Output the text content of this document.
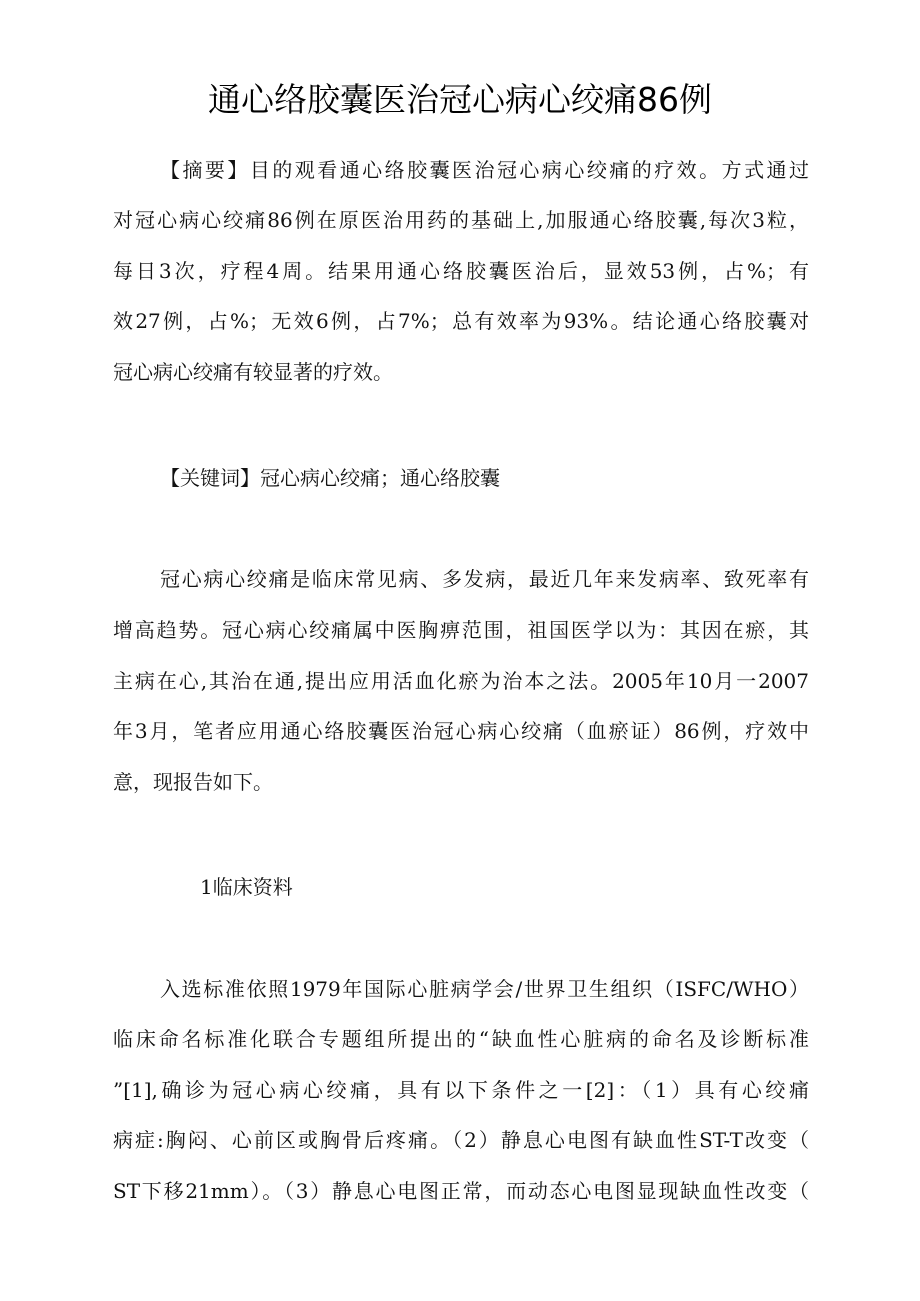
通心络胶囊医治冠心病心绞痛86例
【摘要】目的观看通心络胶囊医治冠心病心绞痛的疗效。方式通过
对冠心病心绞痛86例在原医治用药的基础上,加服通心络胶囊,每次3粒，
每日3次，疗程4周。结果用通心络胶囊医治后，显效53例，占%；有
效27例，占%；无效6例，占7%；总有效率为93%。结论通心络胶囊对
冠心病心绞痛有较显著的疗效。
【关键词】冠心病心绞痛；通心络胶囊
冠心病心绞痛是临床常见病、多发病，最近几年来发病率、致死率有
增高趋势。冠心病心绞痛属中医胸痹范围，祖国医学以为：其因在瘀，其
主病在心,其治在通,提出应用活血化瘀为治本之法。2005年10月一2007
年3月，笔者应用通心络胶囊医治冠心病心绞痛（血瘀证）86例，疗效中
意，现报告如下。
1临床资料
入选标准依照1979年国际心脏病学会/世界卫生组织（ISFC/WHO）
临床命名标准化联合专题组所提出的“缺血性心脏病的命名及诊断标准
”[1],确诊为冠心病心绞痛，具有以下条件之一[2]：（1）具有心绞痛
病症:胸闷、心前区或胸骨后疼痛。（2）静息心电图有缺血性ST-T改变（
ST下移21mm）。（3）静息心电图正常，而动态心电图显现缺血性改变（
